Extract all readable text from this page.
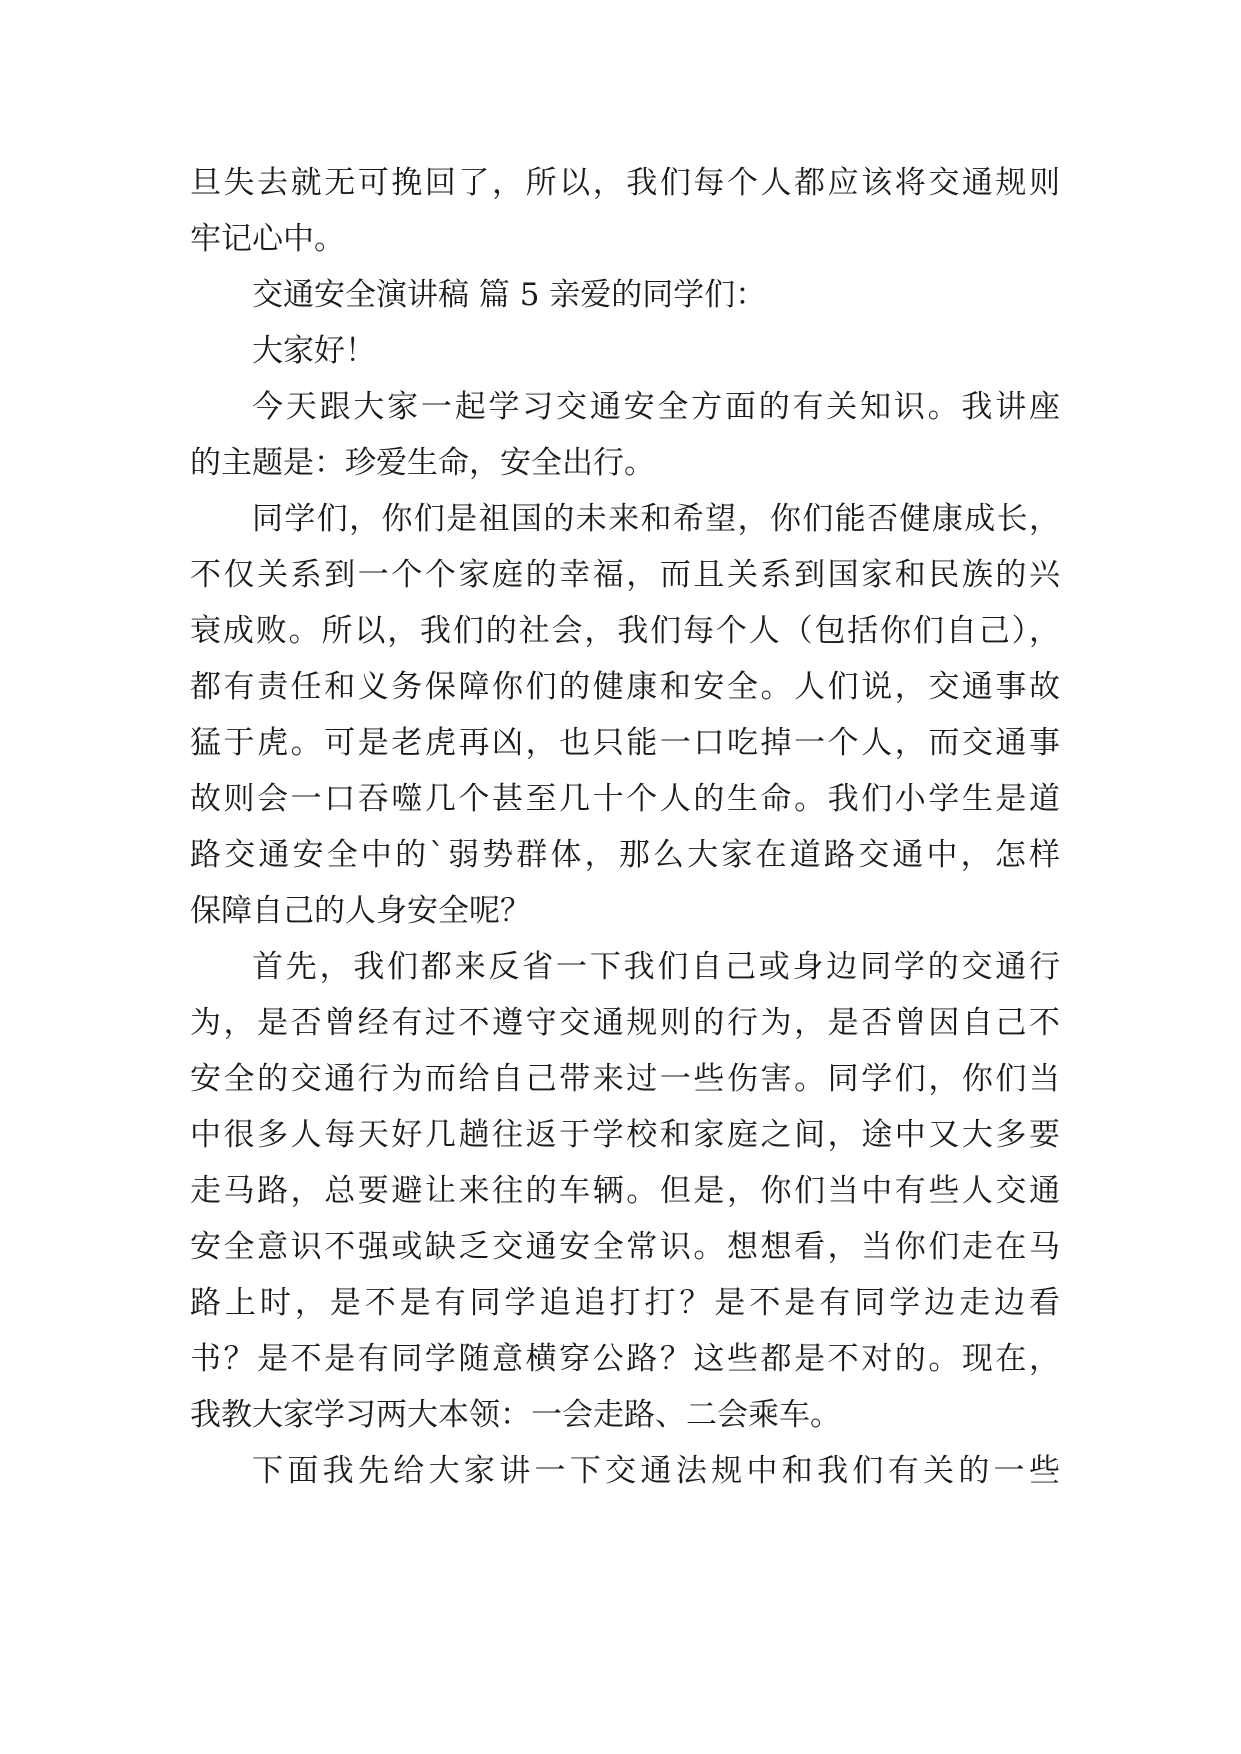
旦失去就无可挽回了，所以，我们每个人都应该将交通规则
牢记心中。
交通安全演讲稿 篇 5 亲爱的同学们：
大家好！
今天跟大家一起学习交通安全方面的有关知识。我讲座
的主题是：珍爱生命，安全出行。
同学们，你们是祖国的未来和希望，你们能否健康成长，
不仅关系到一个个家庭的幸福，而且关系到国家和民族的兴
衰成败。所以，我们的社会，我们每个人（包括你们自己），
都有责任和义务保障你们的健康和安全。人们说，交通事故
猛于虎。可是老虎再凶，也只能一口吃掉一个人，而交通事
故则会一口吞噬几个甚至几十个人的生命。我们小学生是道
路交通安全中的`弱势群体，那么大家在道路交通中，怎样
保障自己的人身安全呢？
首先，我们都来反省一下我们自己或身边同学的交通行
为，是否曾经有过不遵守交通规则的行为，是否曾因自己不
安全的交通行为而给自己带来过一些伤害。同学们，你们当
中很多人每天好几趟往返于学校和家庭之间，途中又大多要
走马路，总要避让来往的车辆。但是，你们当中有些人交通
安全意识不强或缺乏交通安全常识。想想看，当你们走在马
路上时，是不是有同学追追打打？是不是有同学边走边看
书？是不是有同学随意横穿公路？这些都是不对的。现在，
我教大家学习两大本领：一会走路、二会乘车。
下面我先给大家讲一下交通法规中和我们有关的一些
